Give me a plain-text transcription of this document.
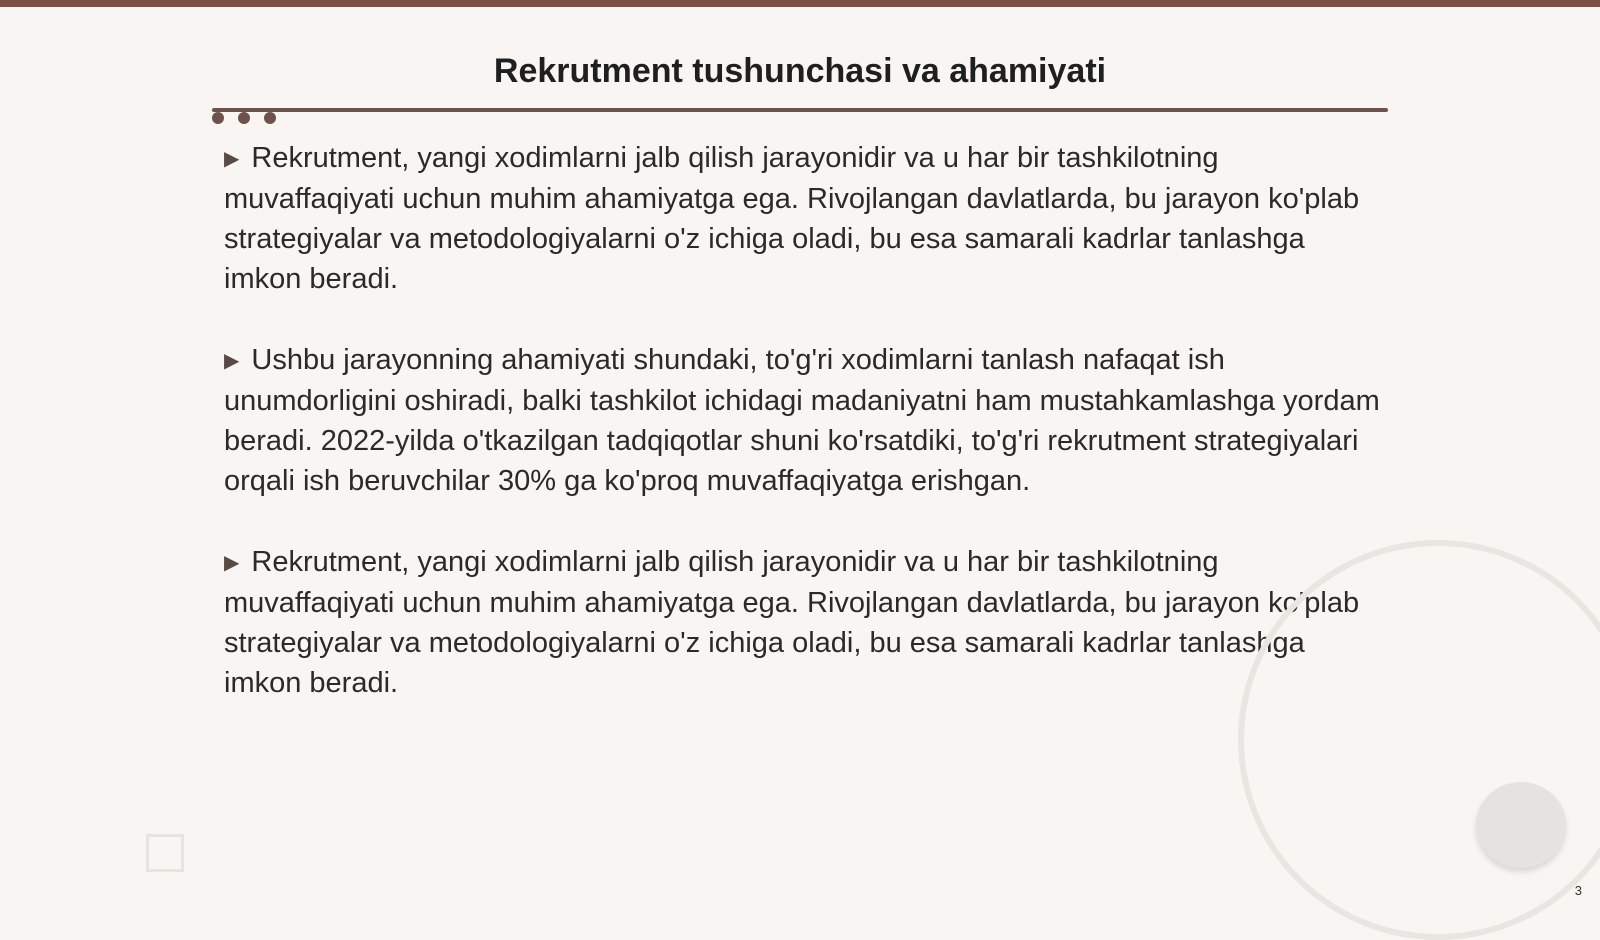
Rekrutment tushunchasi va ahamiyati

▶ Rekrutment, yangi xodimlarni jalb qilish jarayonidir va u har bir tashkilotning muvaffaqiyati uchun muhim ahamiyatga ega. Rivojlangan davlatlarda, bu jarayon ko'plab strategiyalar va metodologiyalarni o'z ichiga oladi, bu esa samarali kadrlar tanlashga imkon beradi.

▶ Ushbu jarayonning ahamiyati shundaki, to'g'ri xodimlarni tanlash nafaqat ish unumdorligini oshiradi, balki tashkilot ichidagi madaniyatni ham mustahkamlashga yordam beradi. 2022-yilda o'tkazilgan tadqiqotlar shuni ko'rsatdiki, to'g'ri rekrutment strategiyalari orqali ish beruvchilar 30% ga ko'proq muvaffaqiyatga erishgan.

▶ Rekrutment, yangi xodimlarni jalb qilish jarayonidir va u har bir tashkilotning muvaffaqiyati uchun muhim ahamiyatga ega. Rivojlangan davlatlarda, bu jarayon ko'plab strategiyalar va metodologiyalarni o'z ichiga oladi, bu esa samarali kadrlar tanlashga imkon beradi.

3
